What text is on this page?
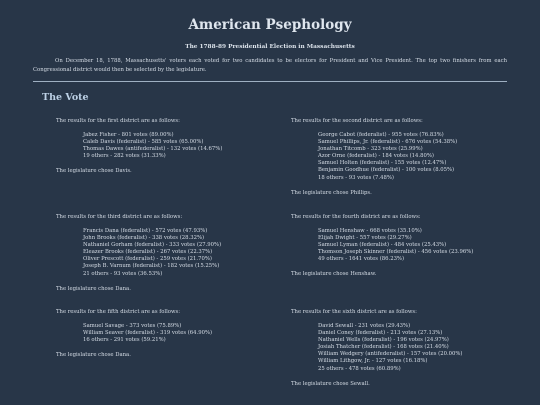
American Psephology
The 1788-89 Presidential Election in Massachusetts

On December 18, 1788, Massachusetts' voters each voted for two candidates to be electors for President and Vice President. The top two finishers from each Congressional district would then be selected by the legislature.

The Vote
The results for the first district are as follows:
Jabez Fisher - 801 votes (89.00%)
Caleb Davis (federalist) - 585 votes (65.00%)
Thomas Dawes (antifederalist) - 132 votes (14.67%)
19 others - 282 votes (31.33%)
The legislature chose Davis.
The results for the second district are as follows:
George Cabot (federalist) - 955 votes (76.83%)
Samuel Phillips, Jr. (federalist) - 676 votes (54.38%)
Jonathan Titcomb - 323 votes (25.99%)
Azor Orne (federalist) - 184 votes (14.80%)
Samuel Holten (federalist) - 155 votes (12.47%)
Benjamin Goodhue (federalist) - 100 votes (8.05%)
18 others - 93 votes (7.48%)
The legislature chose Phillips.
The results for the third district are as follows:
Francis Dana (federalist) - 572 votes (47.93%)
John Brooks (federalist) - 338 votes (28.32%)
Nathaniel Gorham (federalist) - 333 votes (27.90%)
Eleazer Brooks (federalist) - 267 votes (22.37%)
Oliver Prescott (federalist) - 259 votes (21.70%)
Joseph B. Varnum (federalist) - 182 votes (15.25%)
21 others - 93 votes (36.53%)
The legislature chose Dana.
The results for the fourth district are as follows:
Samuel Henshaw - 668 votes (35.10%)
Elijah Dwight - 557 votes (29.27%)
Samuel Lyman (federalist) - 484 votes (25.43%)
Thomson Joseph Skinner (federalist) - 456 votes (23.96%)
49 others - 1641 votes (86.23%)
The legislature chose Henshaw.
The results for the fifth district are as follows:
Samuel Savage - 373 votes (75.89%)
William Seaver (federalist) - 319 votes (64.90%)
16 others - 291 votes (59.21%)
The legislature chose Dana.
The results for the sixth district are as follows:
David Sewall - 231 votes (29.43%)
Daniel Coney (federalist) - 213 votes (27.13%)
Nathaniel Wells (federalist) - 196 votes (24.97%)
Josiah Thatcher (federalist) - 168 votes (21.40%)
William Wedgery (antifederalist) - 157 votes (20.00%)
William Lithgow, Jr. - 127 votes (16.18%)
25 others - 478 votes (60.89%)
The legislature chose Sewall.
